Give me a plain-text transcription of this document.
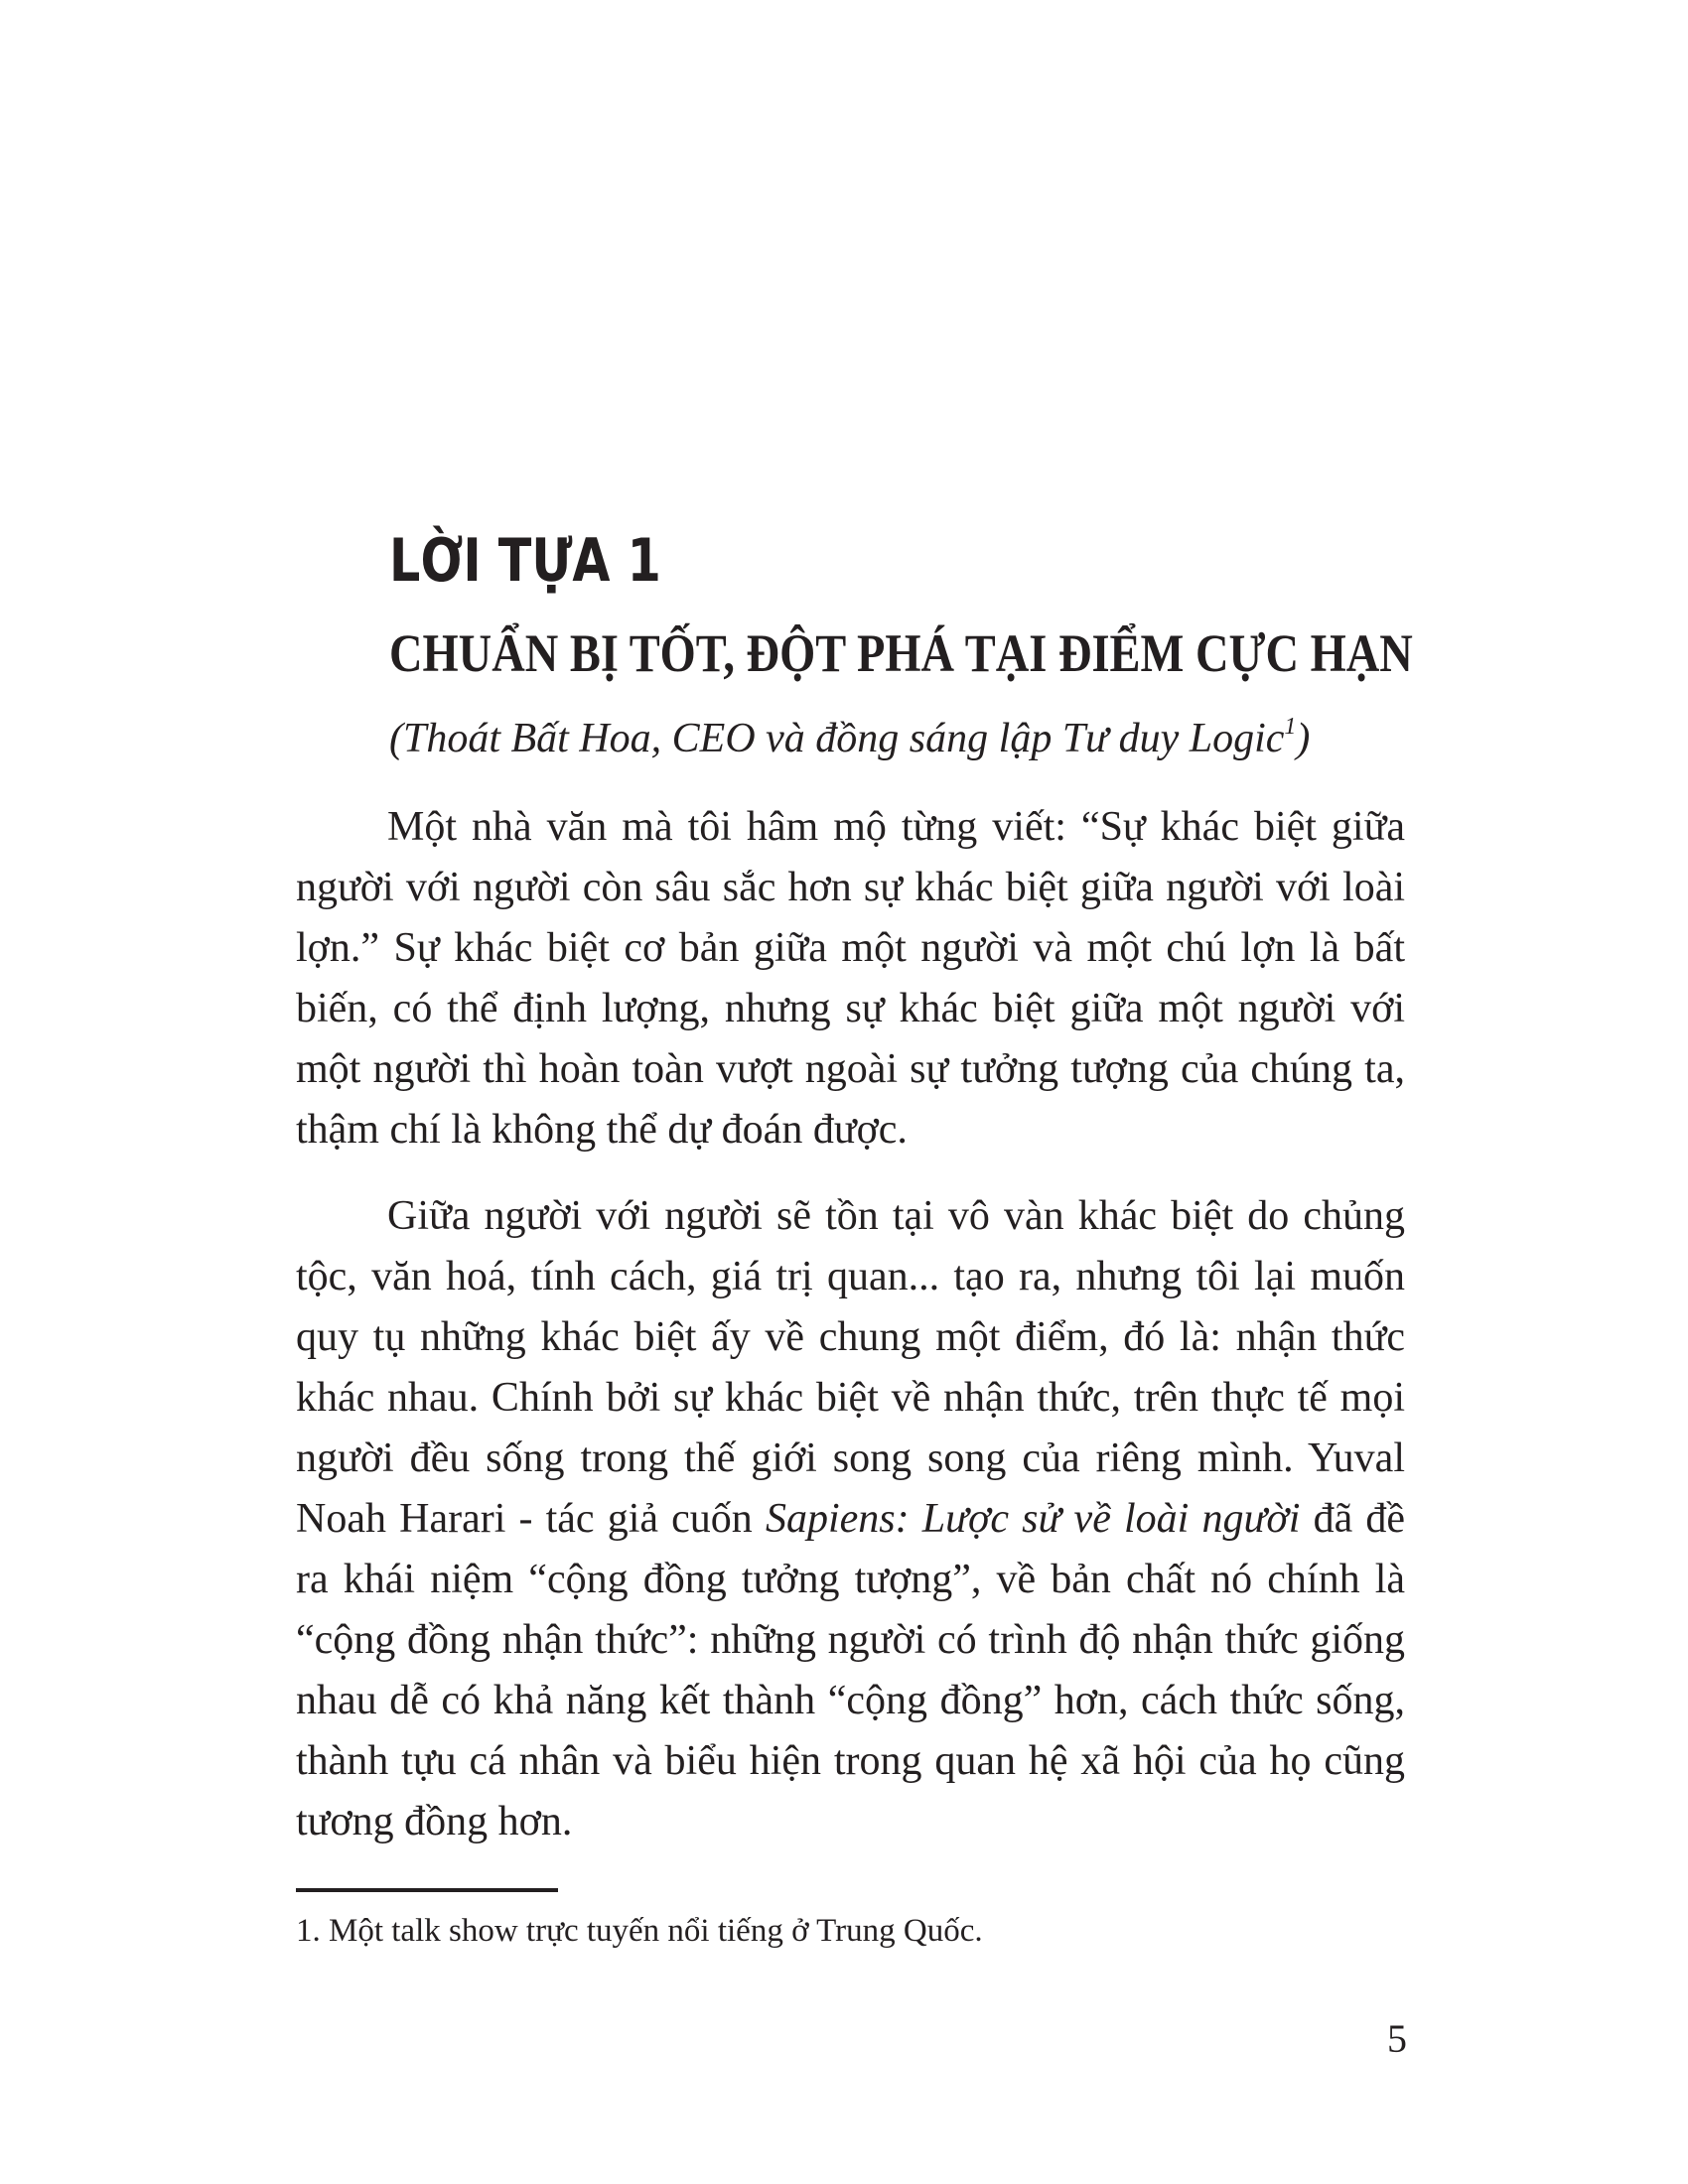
LỜI TỰA 1
CHUẨN BỊ TỐT, ĐỘT PHÁ TẠI ĐIỂM CỰC HẠN

(Thoát Bất Hoa, CEO và đồng sáng lập Tư duy Logic$^1$)

Một nhà văn mà tôi hâm mộ từng viết: “Sự khác biệt giữa người với người còn sâu sắc hơn sự khác biệt giữa người với loài lợn.” Sự khác biệt cơ bản giữa một người và một chú lợn là bất biến, có thể định lượng, nhưng sự khác biệt giữa một người với một người thì hoàn toàn vượt ngoài sự tưởng tượng của chúng ta, thậm chí là không thể dự đoán được.

Giữa người với người sẽ tồn tại vô vàn khác biệt do chủng tộc, văn hoá, tính cách, giá trị quan... tạo ra, nhưng tôi lại muốn quy tụ những khác biệt ấy về chung một điểm, đó là: nhận thức khác nhau. Chính bởi sự khác biệt về nhận thức, trên thực tế mọi người đều sống trong thế giới song song của riêng mình. Yuval Noah Harari - tác giả cuốn Sapiens: Lược sử về loài người đã đề ra khái niệm “cộng đồng tưởng tượng”, về bản chất nó chính là “cộng đồng nhận thức”: những người có trình độ nhận thức giống nhau dễ có khả năng kết thành “cộng đồng” hơn, cách thức sống, thành tựu cá nhân và biểu hiện trong quan hệ xã hội của họ cũng tương đồng hơn.

1. Một talk show trực tuyến nổi tiếng ở Trung Quốc.

5
